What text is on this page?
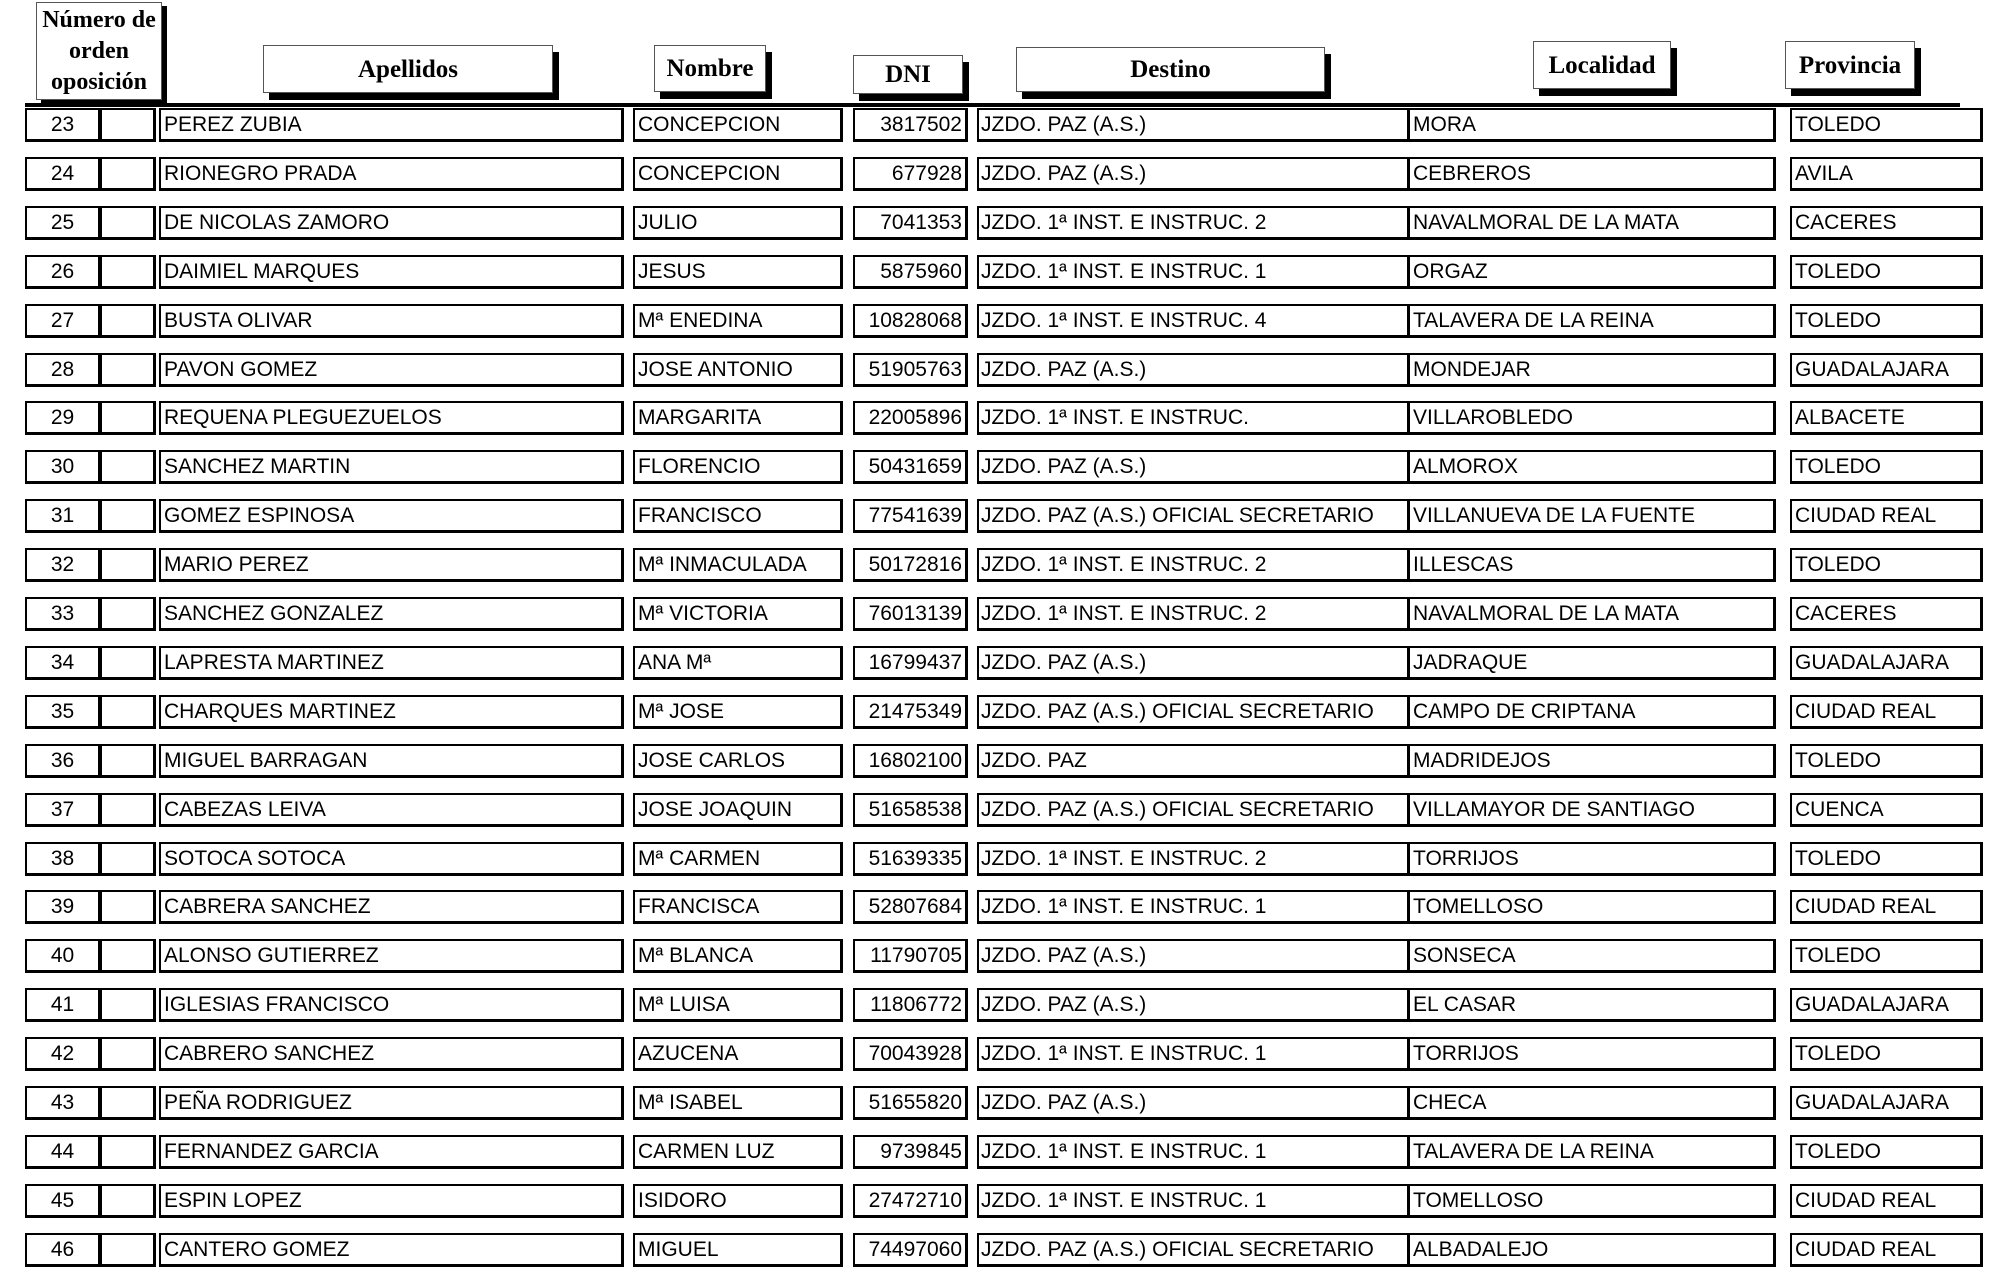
Número de orden oposición	Apellidos	Nombre	DNI	Destino	Localidad	Provincia
23	PEREZ ZUBIA	CONCEPCION	3817502 JZDO. PAZ (A.S.)	MORA	TOLEDO
24	RIONEGRO PRADA	CONCEPCION	677928 JZDO. PAZ (A.S.)	CEBREROS	AVILA
25	DE NICOLAS ZAMORO	JULIO	7041353 JZDO. 1ª INST. E INSTRUC. 2	NAVALMORAL DE LA MATA	CACERES
26	DAIMIEL MARQUES	JESUS	5875960 JZDO. 1ª INST. E INSTRUC. 1	ORGAZ	TOLEDO
27	BUSTA OLIVAR	Mª ENEDINA	10828068 JZDO. 1ª INST. E INSTRUC. 4	TALAVERA DE LA REINA	TOLEDO
28	PAVON GOMEZ	JOSE ANTONIO	51905763 JZDO. PAZ (A.S.)	MONDEJAR	GUADALAJARA
29	REQUENA PLEGUEZUELOS	MARGARITA	22005896 JZDO. 1ª INST. E INSTRUC.	VILLAROBLEDO	ALBACETE
30	SANCHEZ MARTIN	FLORENCIO	50431659 JZDO. PAZ (A.S.)	ALMOROX	TOLEDO
31	GOMEZ ESPINOSA	FRANCISCO	77541639 JZDO. PAZ (A.S.) OFICIAL SECRETARIO	VILLANUEVA DE LA FUENTE	CIUDAD REAL
32	MARIO PEREZ	Mª INMACULADA	50172816 JZDO. 1ª INST. E INSTRUC. 2	ILLESCAS	TOLEDO
33	SANCHEZ GONZALEZ	Mª VICTORIA	76013139 JZDO. 1ª INST. E INSTRUC. 2	NAVALMORAL DE LA MATA	CACERES
34	LAPRESTA MARTINEZ	ANA Mª	16799437 JZDO. PAZ (A.S.)	JADRAQUE	GUADALAJARA
35	CHARQUES MARTINEZ	Mª JOSE	21475349 JZDO. PAZ (A.S.) OFICIAL SECRETARIO	CAMPO DE CRIPTANA	CIUDAD REAL
36	MIGUEL BARRAGAN	JOSE CARLOS	16802100 JZDO. PAZ	MADRIDEJOS	TOLEDO
37	CABEZAS LEIVA	JOSE JOAQUIN	51658538 JZDO. PAZ (A.S.) OFICIAL SECRETARIO	VILLAMAYOR DE SANTIAGO	CUENCA
38	SOTOCA SOTOCA	Mª CARMEN	51639335 JZDO. 1ª INST. E INSTRUC. 2	TORRIJOS	TOLEDO
39	CABRERA SANCHEZ	FRANCISCA	52807684 JZDO. 1ª INST. E INSTRUC. 1	TOMELLOSO	CIUDAD REAL
40	ALONSO GUTIERREZ	Mª BLANCA	11790705 JZDO. PAZ (A.S.)	SONSECA	TOLEDO
41	IGLESIAS FRANCISCO	Mª LUISA	11806772 JZDO. PAZ (A.S.)	EL CASAR	GUADALAJARA
42	CABRERO SANCHEZ	AZUCENA	70043928 JZDO. 1ª INST. E INSTRUC. 1	TORRIJOS	TOLEDO
43	PEÑA RODRIGUEZ	Mª ISABEL	51655820 JZDO. PAZ (A.S.)	CHECA	GUADALAJARA
44	FERNANDEZ GARCIA	CARMEN LUZ	9739845 JZDO. 1ª INST. E INSTRUC. 1	TALAVERA DE LA REINA	TOLEDO
45	ESPIN LOPEZ	ISIDORO	27472710 JZDO. 1ª INST. E INSTRUC. 1	TOMELLOSO	CIUDAD REAL
46	CANTERO GOMEZ	MIGUEL	74497060 JZDO. PAZ (A.S.) OFICIAL SECRETARIO	ALBADALEJO	CIUDAD REAL
